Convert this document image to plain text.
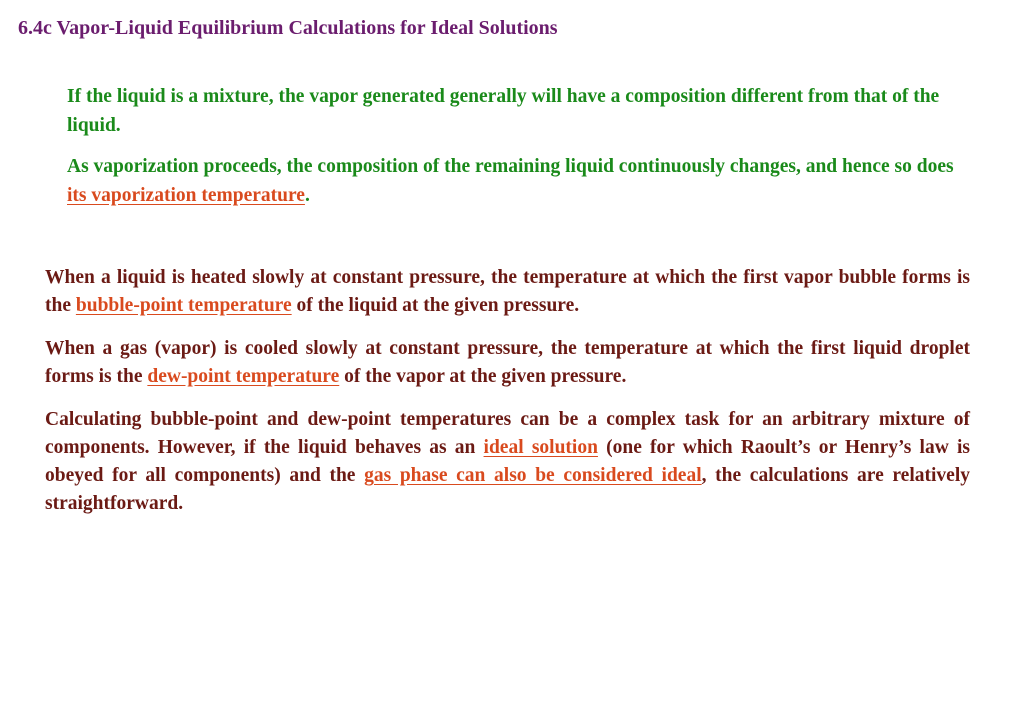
6.4c Vapor-Liquid Equilibrium Calculations for Ideal Solutions

If the liquid is a mixture, the vapor generated generally will have a composition different from that of the liquid.

As vaporization proceeds, the composition of the remaining liquid continuously changes, and hence so does its vaporization temperature.

When a liquid is heated slowly at constant pressure, the temperature at which the first vapor bubble forms is the bubble-point temperature of the liquid at the given pressure.

When a gas (vapor) is cooled slowly at constant pressure, the temperature at which the first liquid droplet forms is the dew-point temperature of the vapor at the given pressure.

Calculating bubble-point and dew-point temperatures can be a complex task for an arbitrary mixture of components. However, if the liquid behaves as an ideal solution (one for which Raoult’s or Henry’s law is obeyed for all components) and the gas phase can also be considered ideal, the calculations are relatively straightforward.
